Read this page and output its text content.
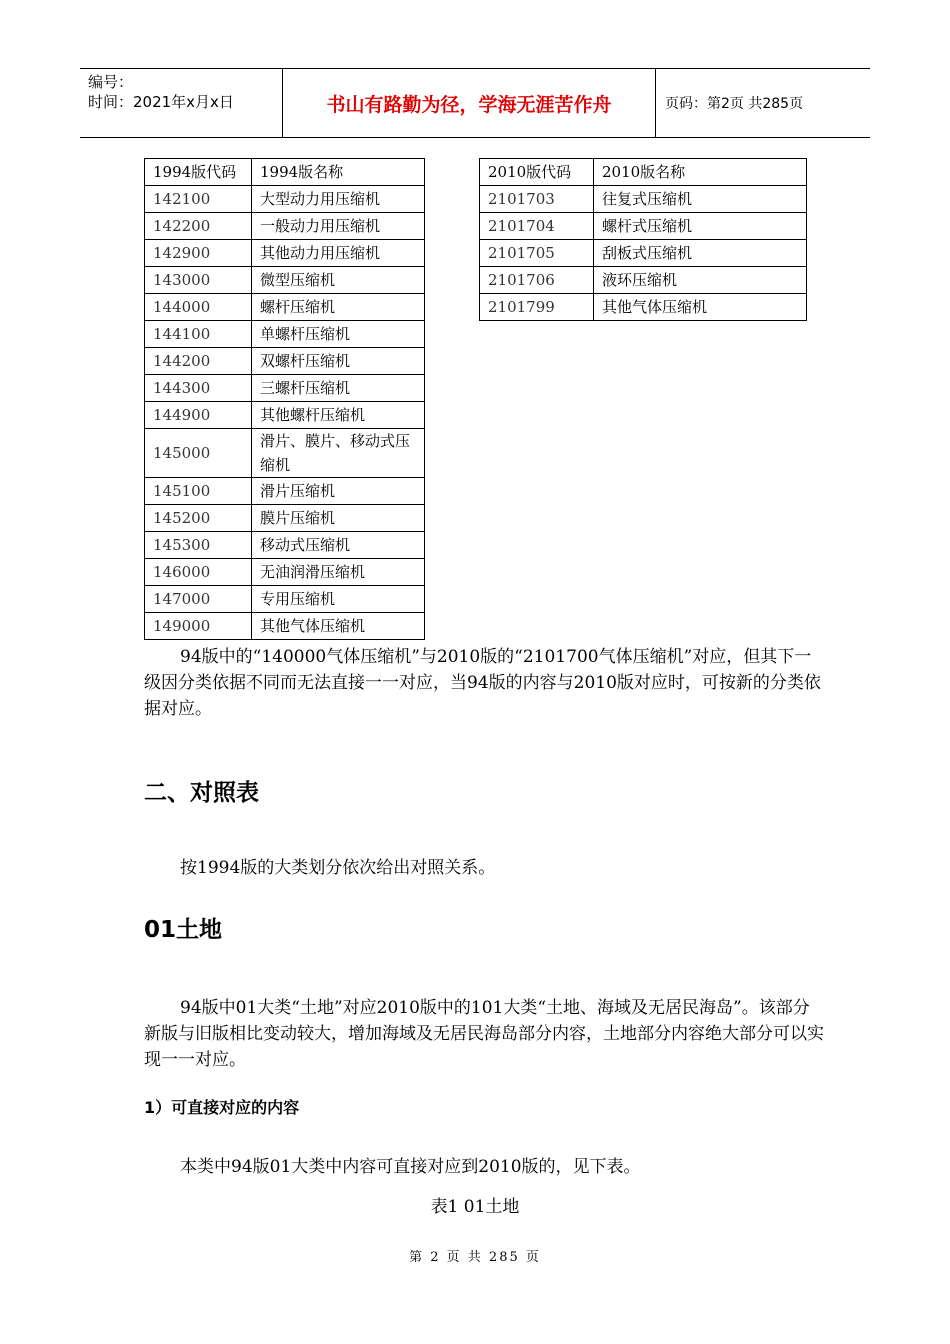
编号：
时间：2021年x月x日	书山有路勤为径，学海无涯苦作舟	页码：第2页 共285页
1994版代码	1994版名称
142100	大型动力用压缩机
142200	一般动力用压缩机
142900	其他动力用压缩机
143000	微型压缩机
144000	螺杆压缩机
144100	单螺杆压缩机
144200	双螺杆压缩机
144300	三螺杆压缩机
144900	其他螺杆压缩机
145000	滑片、膜片、移动式压缩机
145100	滑片压缩机
145200	膜片压缩机
145300	移动式压缩机
146000	无油润滑压缩机
147000	专用压缩机
149000	其他气体压缩机
2010版代码	2010版名称
2101703	往复式压缩机
2101704	螺杆式压缩机
2101705	刮板式压缩机
2101706	液环压缩机
2101799	其他气体压缩机
94版中的“140000气体压缩机”与2010版的“2101700气体压缩机”对应，但其下一级因分类依据不同而无法直接一一对应，当94版的内容与2010版对应时，可按新的分类依据对应。
二、对照表
按1994版的大类划分依次给出对照关系。
01土地
94版中01大类“土地”对应2010版中的101大类“土地、海域及无居民海岛”。该部分新版与旧版相比变动较大，增加海域及无居民海岛部分内容，土地部分内容绝大部分可以实现一一对应。
1）可直接对应的内容
本类中94版01大类中内容可直接对应到2010版的，见下表。
表1 01土地
第 2 页 共 285 页
